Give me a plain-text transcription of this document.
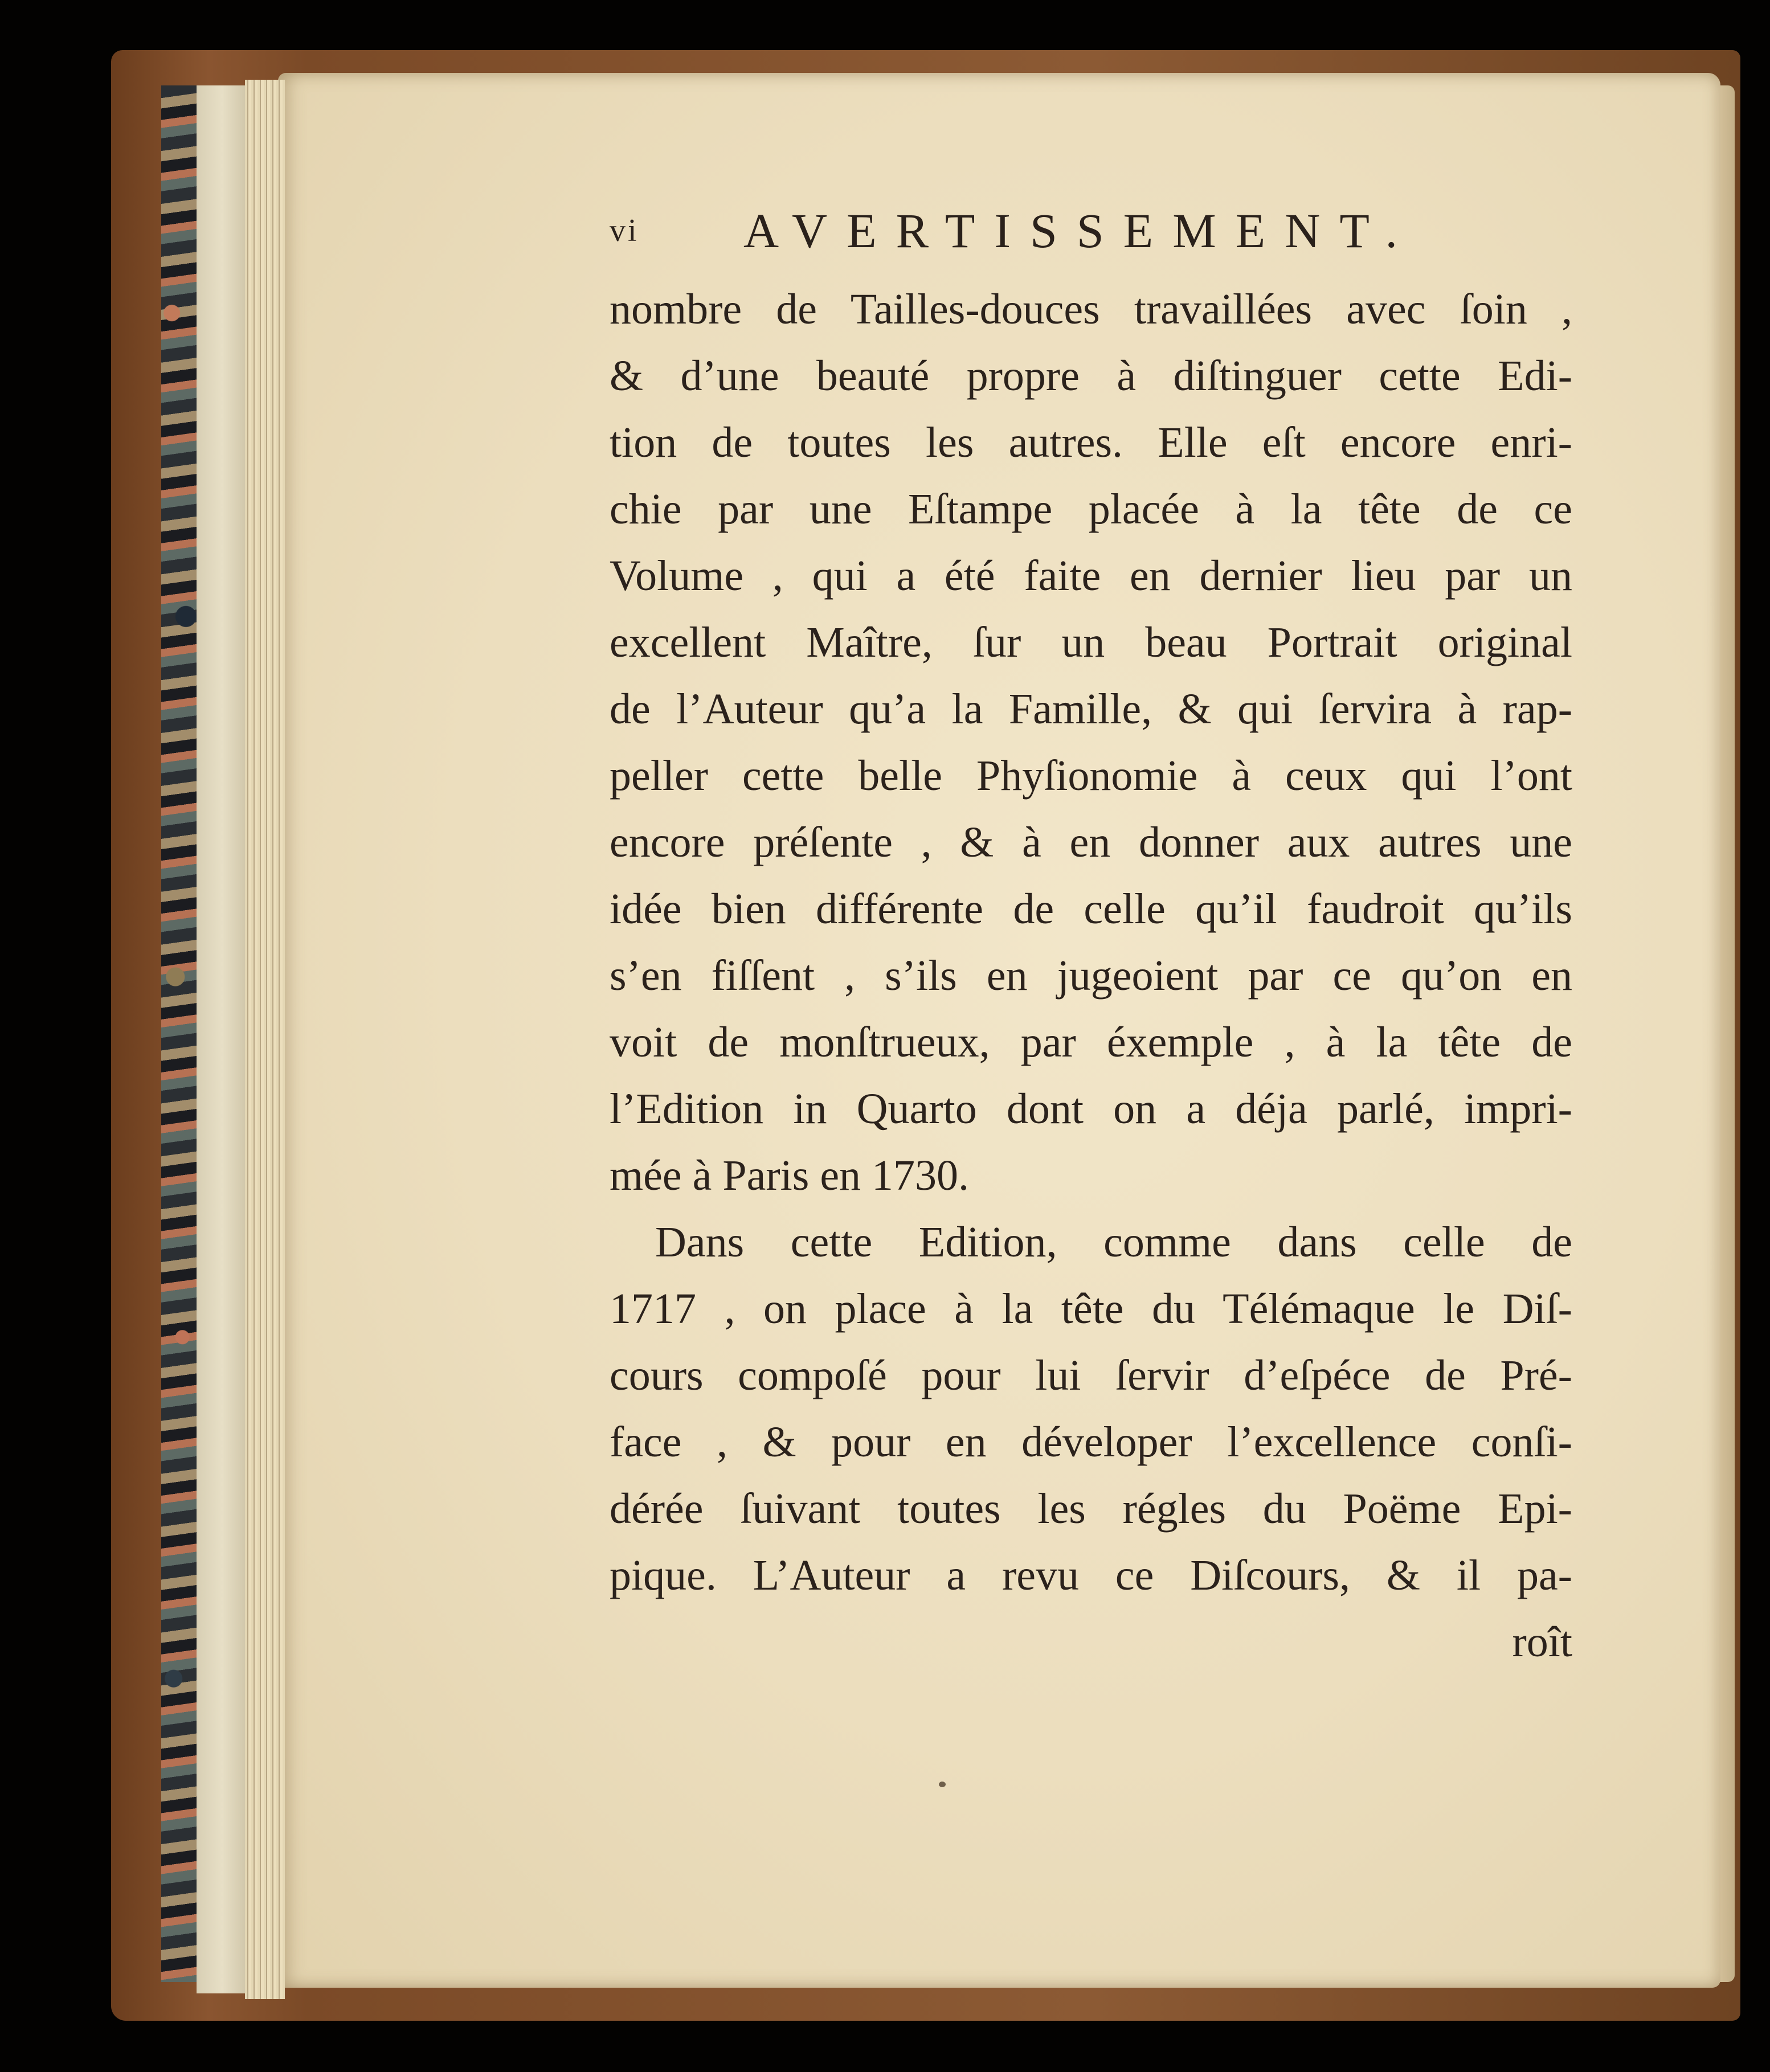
vi AVERTISSEMENT.
nombre de Tailles-douces travaillées avec ſoin ,
& d’une beauté propre à diſtinguer cette Edi-
tion de toutes les autres. Elle eſt encore enri-
chie par une Eſtampe placée à la tête de ce
Volume , qui a été faite en dernier lieu par un
excellent Maître, ſur un beau Portrait original
de l’Auteur qu’a la Famille, & qui ſervira à rap-
peller cette belle Phyſionomie à ceux qui l’ont
encore préſente , & à en donner aux autres une
idée bien différente de celle qu’il faudroit qu’ils
s’en fiſſent , s’ils en jugeoient par ce qu’on en
voit de monſtrueux, par éxemple , à la tête de
l’Edition in Quarto dont on a déja parlé, impri-
mée à Paris en 1730.
Dans cette Edition, comme dans celle de
1717 , on place à la tête du Télémaque le Diſ-
cours compoſé pour lui ſervir d’eſpéce de Pré-
face , & pour en déveloper l’excellence conſi-
dérée ſuivant toutes les régles du Poëme Epi-
pique. L’Auteur a revu ce Diſcours, & il pa-
roît
